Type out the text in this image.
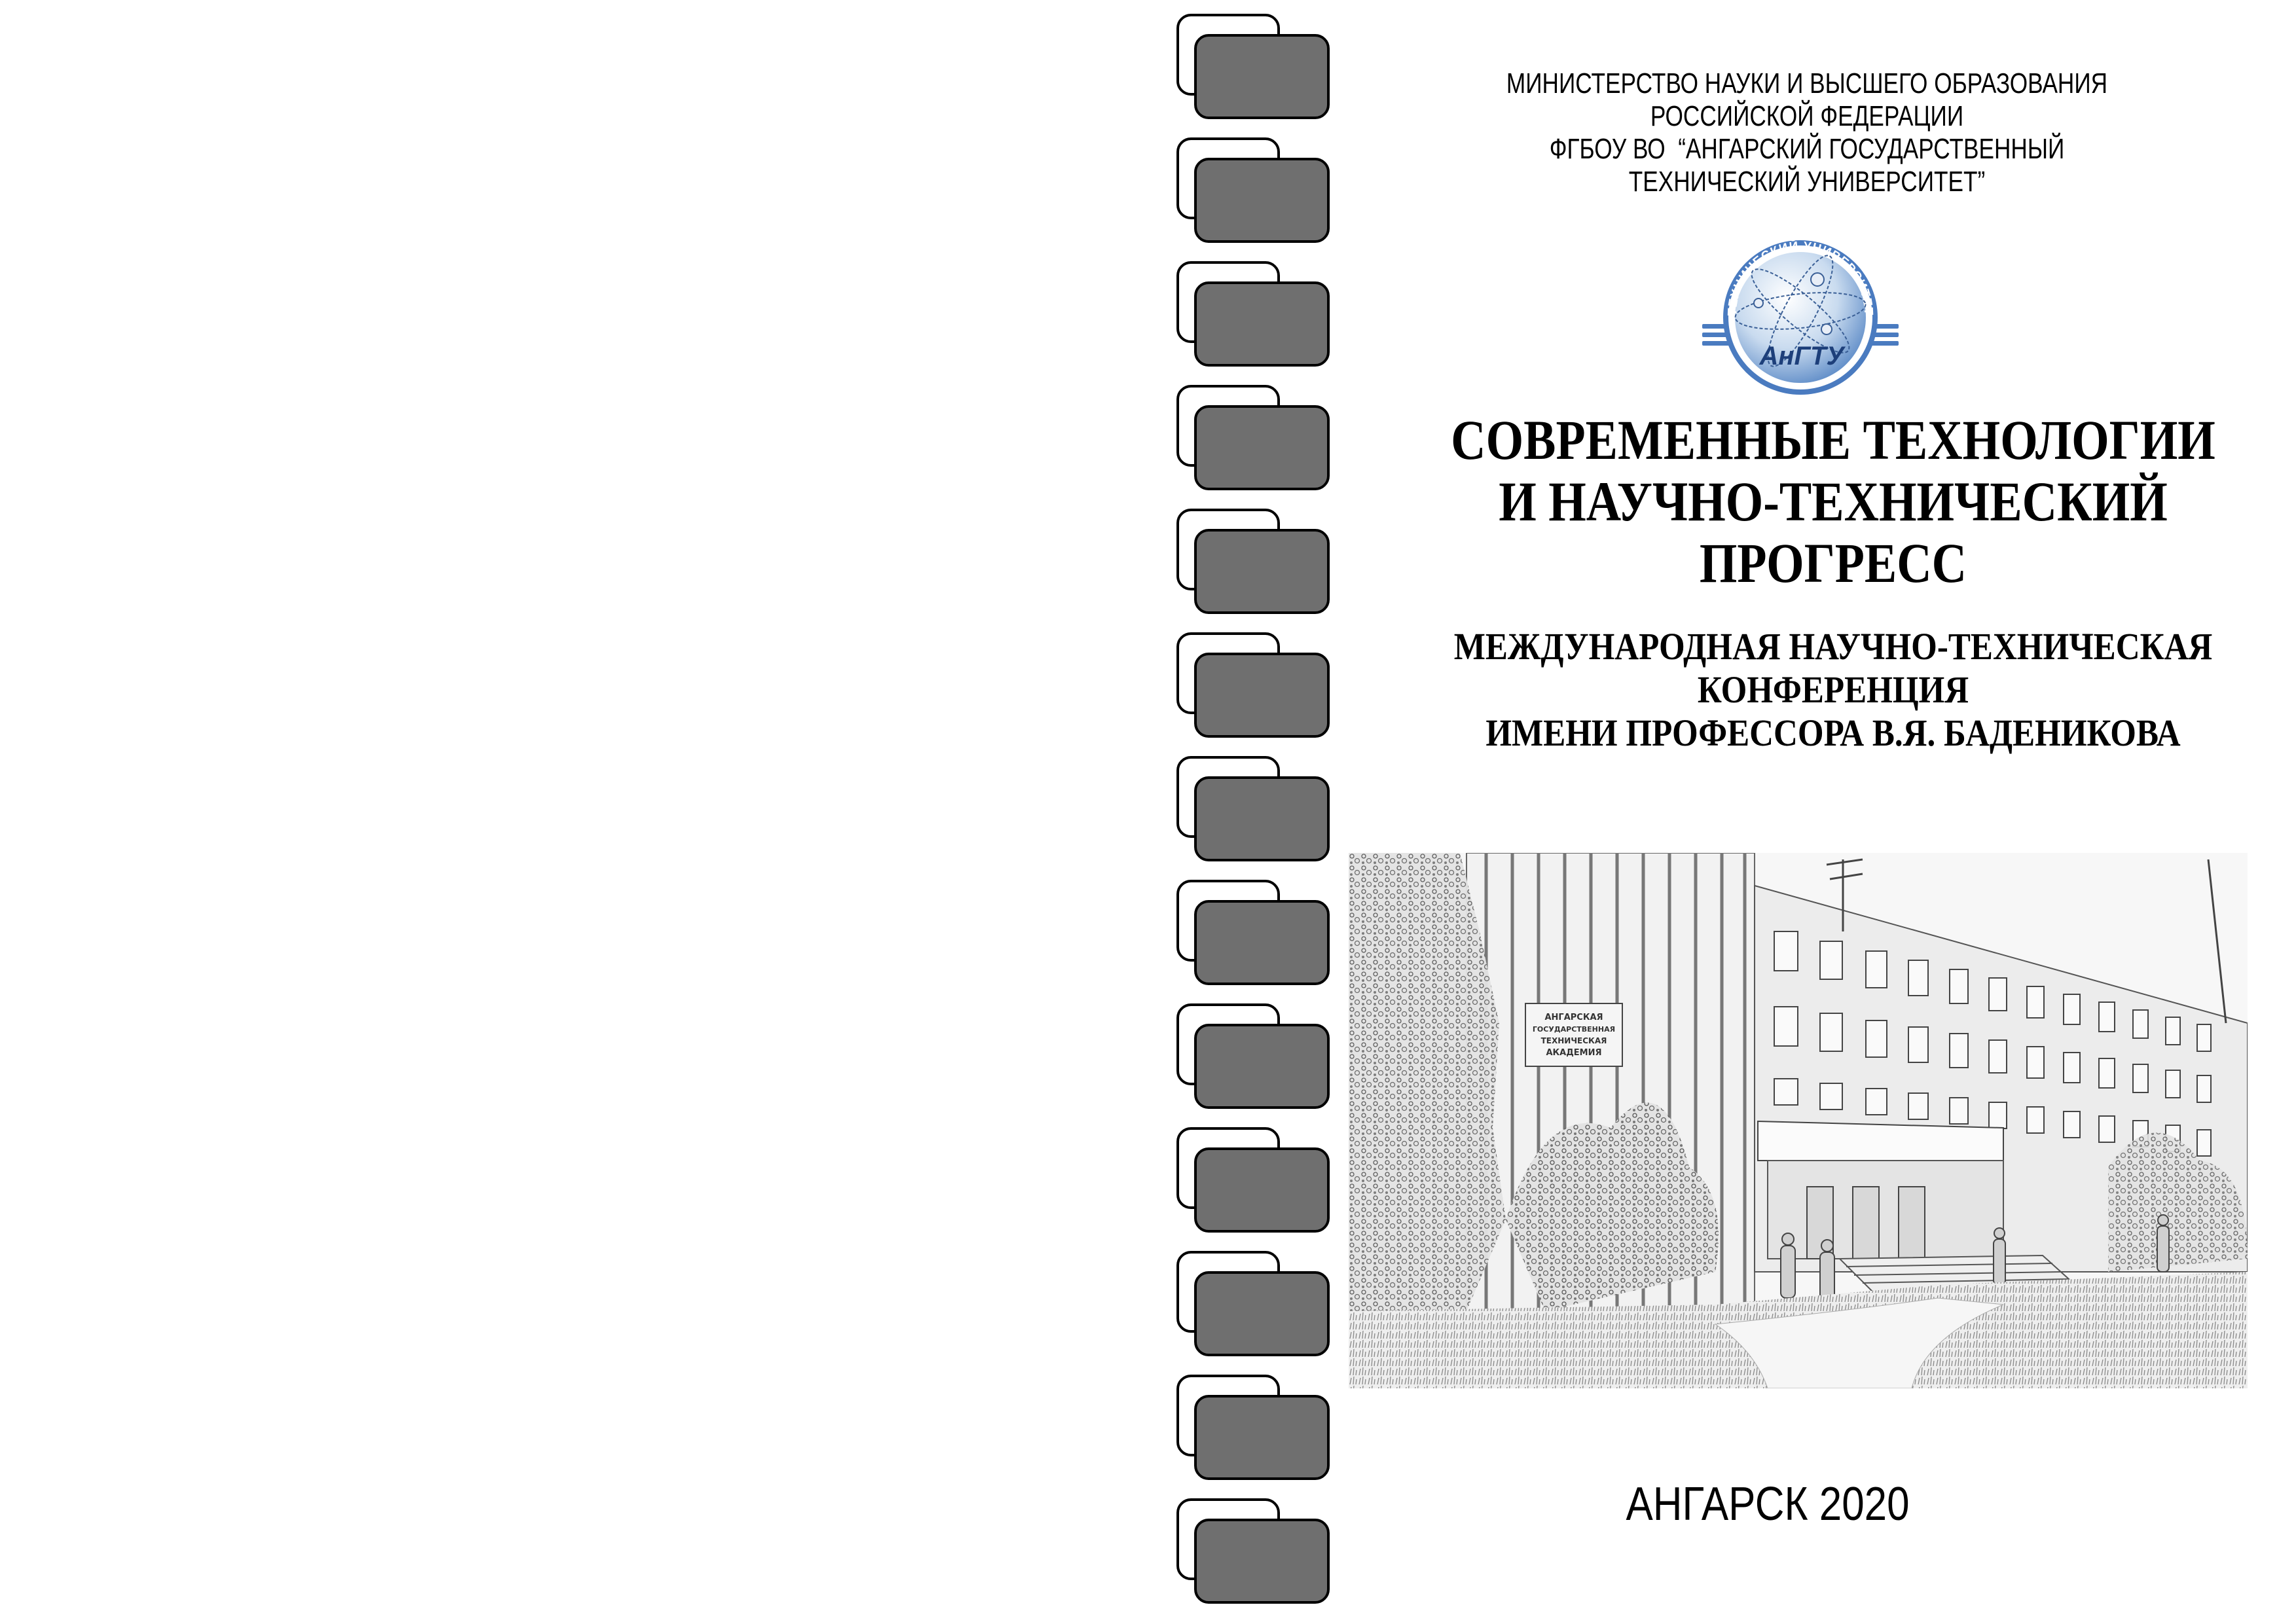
МИНИСТЕРСТВО НАУКИ И ВЫСШЕГО ОБРАЗОВАНИЯ
РОССИЙСКОЙ ФЕДЕРАЦИИ
ФГБОУ ВО  “АНГАРСКИЙ ГОСУДАРСТВЕННЫЙ
ТЕХНИЧЕСКИЙ УНИВЕРСИТЕТ”
ТЕХНИЧЕСКИЙ УНИВЕРСИТЕТ
АнГТУ
СОВРЕМЕННЫЕ ТЕХНОЛОГИИ
И НАУЧНО-ТЕХНИЧЕСКИЙ
ПРОГРЕСС
МЕЖДУНАРОДНАЯ НАУЧНО-ТЕХНИЧЕСКАЯ
КОНФЕРЕНЦИЯ
ИМЕНИ ПРОФЕССОРА В.Я. БАДЕНИКОВА
АНГАРСКАЯ
ГОСУДАРСТВЕННАЯ
ТЕХНИЧЕСКАЯ
АКАДЕМИЯ
АНГАРСК 2020
